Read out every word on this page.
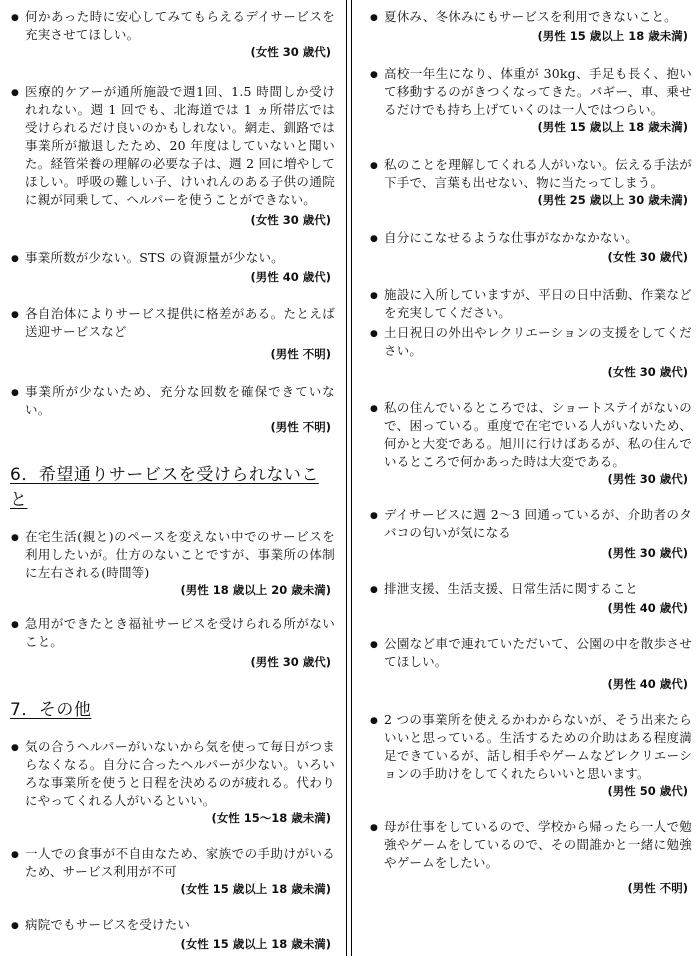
● 何かあった時に安心してみてもらえるデイサービスを充実させてほしい。
(女性 30 歳代)
● 医療的ケアーが通所施設で週1回、1.5 時間しか受けれれない。週 1 回でも、北海道では 1 ヵ所帯広では受けられるだけ良いのかもしれない。網走、釧路では事業所が撤退したため、20 年度はしていないと聞いた。経管栄養の理解の必要な子は、週 2 回に増やしてほしい。呼吸の難しい子、けいれんのある子供の通院に親が同乗して、ヘルパーを使うことができない。
(女性 30 歳代)
● 事業所数が少ない。STS の資源量が少ない。
(男性 40 歳代)
● 各自治体によりサービス提供に格差がある。たとえば送迎サービスなど
(男性 不明)
● 事業所が少ないため、充分な回数を確保できていない。
(男性 不明)
6．希望通りサービスを受けられないこと
● 在宅生活(親と)のペースを変えない中でのサービスを利用したいが。仕方のないことですが、事業所の体制に左右される(時間等)
(男性 18 歳以上 20 歳未満)
● 急用ができたとき福祉サービスを受けられる所がないこと。
(男性 30 歳代)
7．その他
● 気の合うヘルパーがいないから気を使って毎日がつまらなくなる。自分に合ったヘルパーが少ない。いろいろな事業所を使うと日程を決めるのが疲れる。代わりにやってくれる人がいるといい。
(女性 15～18 歳未満)
● 一人での食事が不自由なため、家族での手助けがいるため、サービス利用が不可
(女性 15 歳以上 18 歳未満)
● 病院でもサービスを受けたい
(女性 15 歳以上 18 歳未満)
● 夏休み、冬休みにもサービスを利用できないこと。
(男性 15 歳以上 18 歳未満)
● 高校一年生になり、体重が 30kg、手足も長く、抱いて移動するのがきつくなってきた。バギー、車、乗せるだけでも持ち上げていくのは一人ではつらい。
(男性 15 歳以上 18 歳未満)
● 私のことを理解してくれる人がいない。伝える手法が下手で、言葉も出せない、物に当たってしまう。
(男性 25 歳以上 30 歳未満)
● 自分にこなせるような仕事がなかなかない。
(女性 30 歳代)
● 施設に入所していますが、平日の日中活動、作業などを充実してください。
● 土日祝日の外出やレクリエーションの支援をしてください。
(女性 30 歳代)
● 私の住んでいるところでは、ショートステイがないので、困っている。重度で在宅でいる人がいないため、何かと大変である。旭川に行けばあるが、私の住んでいるところで何かあった時は大変である。
(男性 30 歳代)
● デイサービスに週 2～3 回通っているが、介助者のタバコの匂いが気になる
(男性 30 歳代)
● 排泄支援、生活支援、日常生活に関すること
(男性 40 歳代)
● 公園など車で連れていただいて、公園の中を散歩させてほしい。
(男性 40 歳代)
● 2 つの事業所を使えるかわからないが、そう出来たらいいと思っている。生活するための介助はある程度満足できているが、話し相手やゲームなどレクリエーションの手助けをしてくれたらいいと思います。
(男性 50 歳代)
● 母が仕事をしているので、学校から帰ったら一人で勉強やゲームをしているので、その間誰かと一緒に勉強やゲームをしたい。
(男性 不明)
